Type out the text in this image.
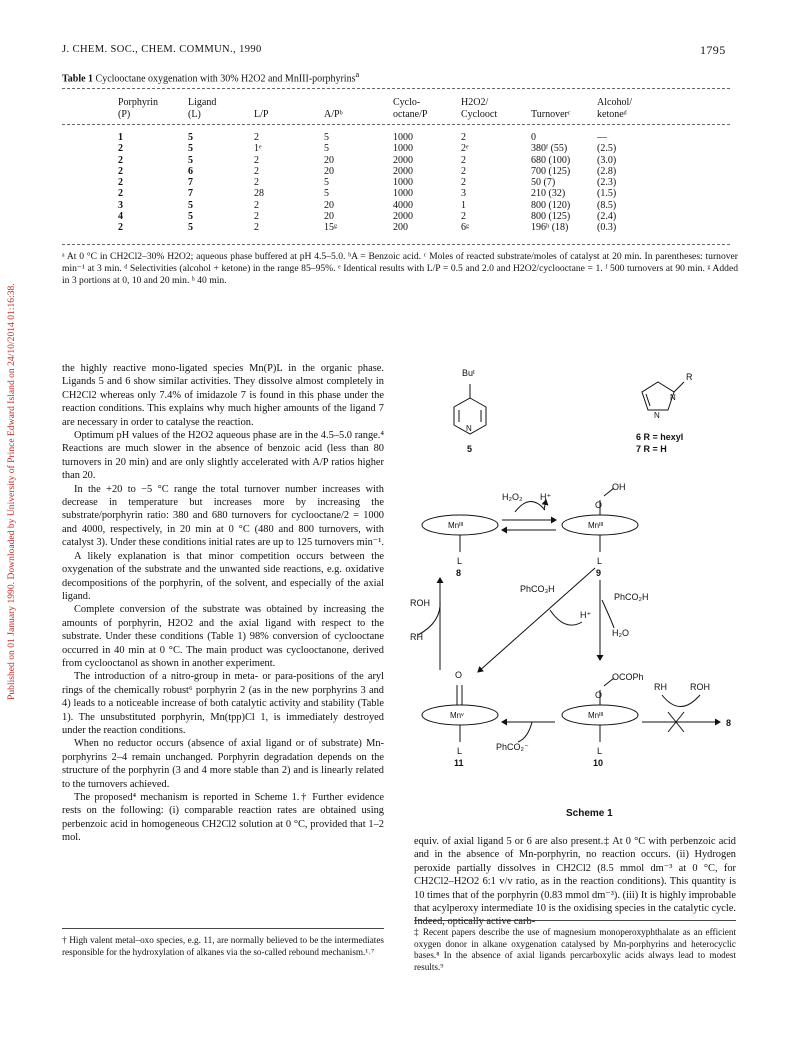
J. CHEM. SOC., CHEM. COMMUN., 1990	1795
Published on 01 January 1990. Downloaded by University of Prince Edward Island on 24/10/2014 01:16:38.
Table 1 Cyclooctane oxygenation with 30% H2O2 and MnIII-porphyrins$^a$
Porphyrin	Ligand			Cyclo-	H2O2/		Alcohol/
(P)	(L)	L/P	A/Pᵇ	octane/P	Cyclooct	Turnoverᶜ	ketoneᵈ

1	5	2	5	1000	2	0	—
2	5	1ᵉ	5	1000	2ᵉ	380ᶠ (55)	(2.5)
2	5	2	20	2000	2	680 (100)	(3.0)
2	6	2	20	2000	2	700 (125)	(2.8)
2	7	2	5	1000	2	50 (7)	(2.3)
2	7	28	5	1000	3	210 (32)	(1.5)
3	5	2	20	4000	1	800 (120)	(8.5)
4	5	2	20	2000	2	800 (125)	(2.4)
2	5	2	15ᵍ	200	6ᵍ	196ʰ (18)	(0.3)
ᵃ At 0 °C in CH2Cl2–30% H2O2; aqueous phase buffered at pH 4.5–5.0. ᵇA = Benzoic acid. ᶜ Moles of reacted substrate/moles of catalyst at 20 min. In parentheses: turnover min⁻¹ at 3 min. ᵈ Selectivities (alcohol + ketone) in the range 85–95%. ᵉ Identical results with L/P = 0.5 and 2.0 and H2O2/cyclooctane = 1. ᶠ 500 turnovers at 90 min. ᵍ Added in 3 portions at 0, 10 and 20 min. ʰ 40 min.

the highly reactive mono-ligated species Mn(P)L in the organic phase. Ligands 5 and 6 show similar activities. They dissolve almost completely in CH2Cl2 whereas only 7.4% of imidazole 7 is found in this phase under the reaction conditions. This explains why much higher amounts of the ligand 7 are necessary in order to catalyse the reaction.

Optimum pH values of the H2O2 aqueous phase are in the 4.5–5.0 range.⁴ Reactions are much slower in the absence of benzoic acid (less than 80 turnovers in 20 min) and are only slightly accelerated with A/P ratios higher than 20.

In the +20 to −5 °C range the total turnover number increases with decrease in temperature but increases more by increasing the substrate/porphyrin ratio: 380 and 680 turnovers for cyclooctane/2 = 1000 and 4000, respectively, in 20 min at 0 °C (480 and 800 turnovers, with catalyst 3). Under these conditions initial rates are up to 125 turnovers min⁻¹.

A likely explanation is that minor competition occurs between the oxygenation of the substrate and the unwanted side reactions, e.g. oxidative decompositions of the porphyrin, of the solvent, and especially of the axial ligand.

Complete conversion of the substrate was obtained by increasing the amounts of porphyrin, H2O2 and the axial ligand with respect to the substrate. Under these conditions (Table 1) 98% conversion of cyclooctane occurred in 40 min at 0 °C. The main product was cyclooctanone, derived from cyclooctanol as shown in another experiment.

The introduction of a nitro-group in meta- or para-positions of the aryl rings of the chemically robust⁶ porphyrin 2 (as in the new porphyrins 3 and 4) leads to a noticeable increase of both catalytic activity and stability (Table 1). The unsubstituted porphyrin, Mn(tpp)Cl 1, is immediately destroyed under the reaction conditions.

When no reductor occurs (absence of axial ligand or of substrate) Mn-porphyrins 2–4 remain unchanged. Porphyrin degradation depends on the structure of the porphyrin (3 and 4 more stable than 2) and is linearly related to the turnovers achieved.

The proposed⁴ mechanism is reported in Scheme 1.† Further evidence rests on the following: (i) comparable reaction rates are obtained using perbenzoic acid in homogeneous CH2Cl2 solution at 0 °C, provided that 1–2 mol.

† High valent metal–oxo species, e.g. 11, are normally believed to be the intermediates responsible for the hydroxylation of alkanes via the so-called rebound mechanism.¹˒⁷

equiv. of axial ligand 5 or 6 are also present.‡ At 0 °C with perbenzoic acid and in the absence of Mn-porphyrin, no reaction occurs. (ii) Hydrogen peroxide partially dissolves in CH2Cl2 (8.5 mmol dm⁻³ at 0 °C, for CH2Cl2–H2O2 6:1 v/v ratio, as in the reaction conditions). This quantity is 10 times that of the porphyrin (0.83 mmol dm⁻³). (iii) It is highly improbable that acylperoxy intermediate 10 is the oxidising species in the catalytic cycle. Indeed, optically active carb-

‡ Recent papers describe the use of magnesium monoperoxyphthalate as an efficient oxygen donor in alkane oxygenation catalysed by Mn-porphyrins and heterocyclic bases.⁸ In the absence of axial ligands percarboxylic acids always lead to modest results.⁹
Buᵗ
N
5
R
N
N
6 R = hexyl
7 R = H
H₂O₂ H⁺
Mnᴵᴵᴵ
L
8
O
OH
Mnᴵᴵᴵ
L
9
PhCO₃H
H⁺
ROH
RH
PhCO₂H
H₂O
O
Mnᵛ
L
11
PhCO₂⁻
O
OCOPh
Mnᴵᴵᴵ
L
10
RH	ROH
8
Scheme 1
